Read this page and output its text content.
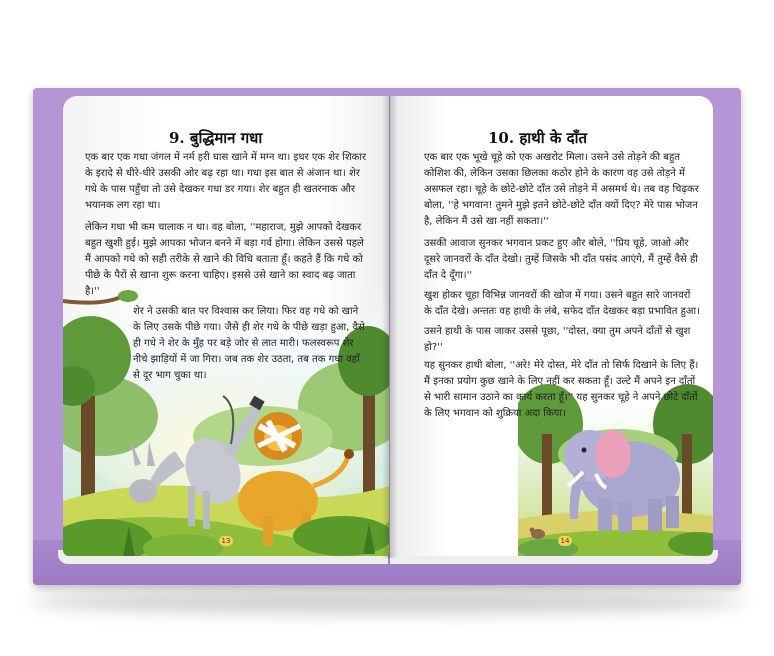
9. बुद्धिमान गधा

एक बार एक गधा जंगल में नर्म हरी घास खाने में मग्न था। इधर एक शेर शिकार के इरादे से धीरे-धीरे उसकी ओर बढ़ रहा था। गधा इस बात से अंजान था। शेर गधे के पास पहुँचा तो उसे देखकर गधा डर गया। शेर बहुत ही खतरनाक और भयानक लग रहा था।

लेकिन गधा भी कम चालाक न था। वह बोला, ''महाराज, मुझे आपको देखकर बहुत खुशी हुई। मुझे आपका भोजन बनने में बड़ा गर्व होगा। लेकिन उससे पहले मैं आपको गधे को सही तरीके से खाने की विधि बताता हूँ। कहते हैं कि गधे को पीछे के पैरों से खाना शुरू करना चाहिए। इससे उसे खाने का स्वाद बढ़ जाता है।''

शेर ने उसकी बात पर विश्वास कर लिया। फिर वह गधे को खाने के लिए उसके पीछे गया। जैसे ही शेर गधे के पीछे खड़ा हुआ, वैसे ही गधे ने शेर के मुँह पर बड़े जोर से लात मारी। फलस्वरूप शेर नीचे झाड़ियों में जा गिरा। जब तक शेर उठता, तब तक गधा वहाँ से दूर भाग चुका था।

13
10. हाथी के दाँत

एक बार एक भूखे चूहे को एक अखरोट मिला। उसने उसे तोड़ने की बहुत कोशिश की, लेकिन उसका छिलका कठोर होने के कारण वह उसे तोड़ने में असफल रहा। चूहे के छोटे-छोटे दाँत उसे तोड़ने में असमर्थ थे। तब वह चिढ़कर बोला, ''हे भगवान! तुमने मुझे इतने छोटे-छोटे दाँत क्यों दिए? मेरे पास भोजन है, लेकिन मैं उसे खा नहीं सकता।''

उसकी आवाज सुनकर भगवान प्रकट हुए और बोले, ''प्रिय चूहे, जाओ और दूसरे जानवरों के दाँत देखो। तुम्हें जिसके भी दाँत पसंद आएंगे, मैं तुम्हें वैसे ही दाँत दे दूँगा।''

खुश होकर चूहा विभिन्न जानवरों की खोज में गया। उसने बहुत सारे जानवरों के दाँत देखे। अन्ततः वह हाथी के लंबे, सफेद दाँत देखकर बड़ा प्रभावित हुआ।

उसने हाथी के पास जाकर उससे पूछा, ''दोस्त, क्या तुम अपने दाँतों से खुश हो?''

यह सुनकर हाथी बोला, ''अरे! मेरे दोस्त, मेरे दाँत तो सिर्फ दिखाने के लिए हैं। मैं इनका प्रयोग कुछ खाने के लिए नहीं कर सकता हूँ। उल्टे मैं अपने इन दाँतों से भारी सामान उठाने का कार्य करता हूँ।'' यह सुनकर चूहे ने अपने छोटे दाँतों के लिए भगवान को शुक्रिया अदा किया।

14
